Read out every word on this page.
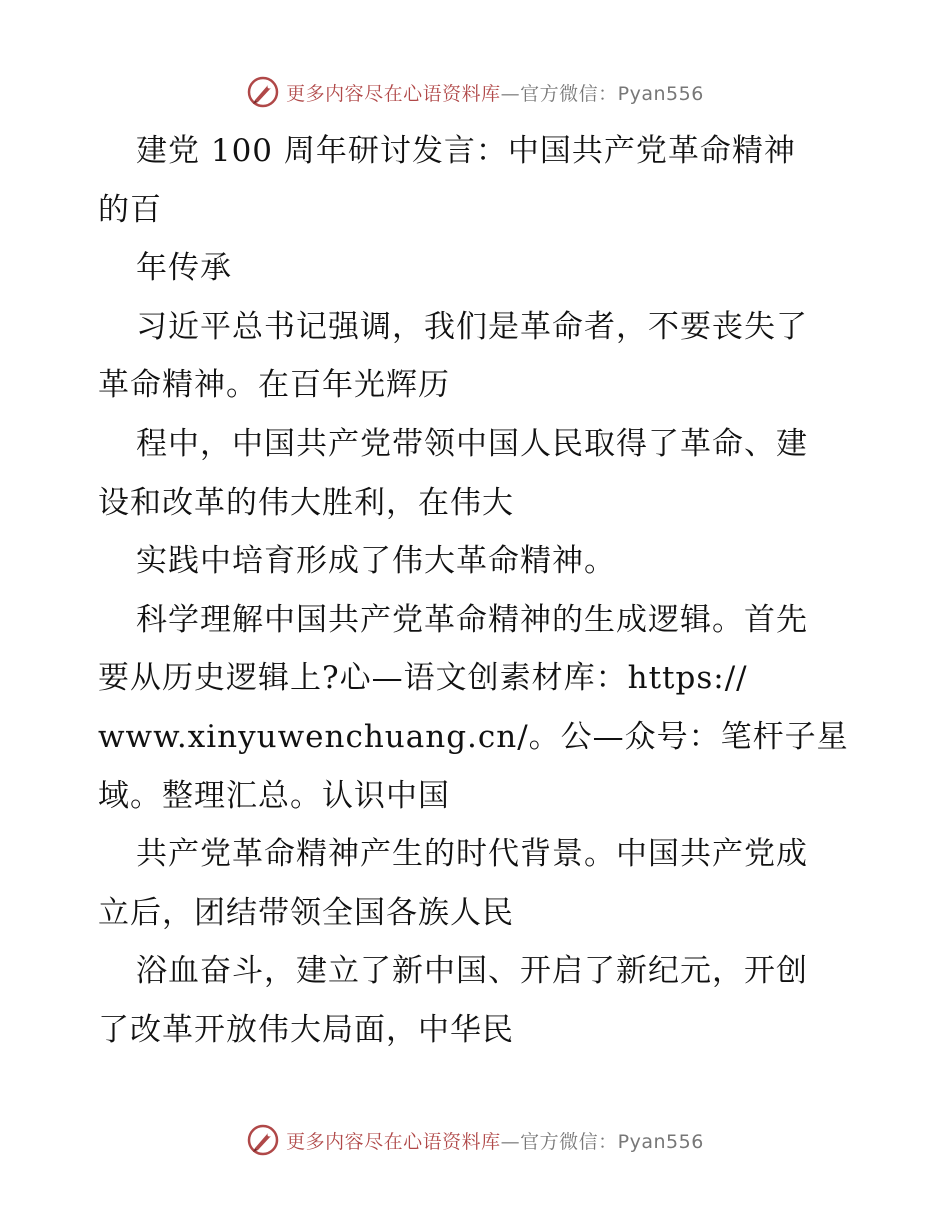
更多内容尽在心语资料库—官方微信：Pyan556
建党 100 周年研讨发言：中国共产党革命精神
的百
年传承
习近平总书记强调，我们是革命者，不要丧失了
革命精神。在百年光辉历
程中，中国共产党带领中国人民取得了革命、建
设和改革的伟大胜利，在伟大
实践中培育形成了伟大革命精神。
科学理解中国共产党革命精神的生成逻辑。首先
要从历史逻辑上?心—语文创素材库：https://
www.xinyuwenchuang.cn/。公—众号：笔杆子星
域。整理汇总。认识中国
共产党革命精神产生的时代背景。中国共产党成
立后，团结带领全国各族人民
浴血奋斗，建立了新中国、开启了新纪元，开创
了改革开放伟大局面，中华民
更多内容尽在心语资料库—官方微信：Pyan556
